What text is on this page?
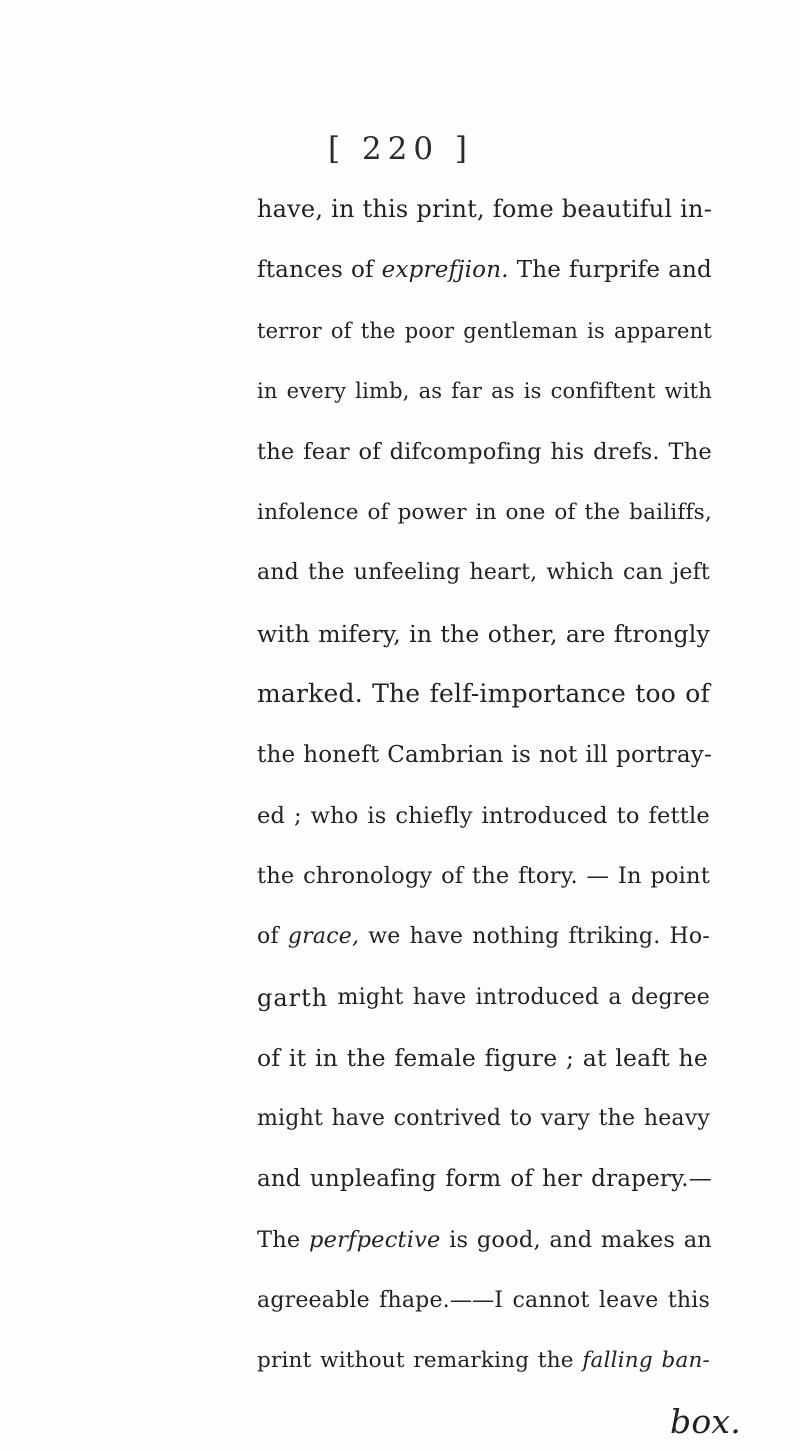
[ 220 ]
have, in this print, fome beautiful in-
ftances of exprefjion. The furprife and
terror of the poor gentleman is apparent
in every limb, as far as is confiftent with
the fear of difcompofing his drefs. The
infolence of power in one of the bailiffs,
and the unfeeling heart, which can jeft
with mifery, in the other, are ftrongly
marked. The felf-importance too of
the honeft Cambrian is not ill portray-
ed ; who is chiefly introduced to fettle
the chronology of the ftory. — In point
of grace, we have nothing ftriking. Ho-
garth might have introduced a degree
of it in the female figure ; at leaft he
might have contrived to vary the heavy
and unpleafing form of her drapery.—
The perfpective is good, and makes an
agreeable fhape.——I cannot leave this
print without remarking the falling ban-
box.
